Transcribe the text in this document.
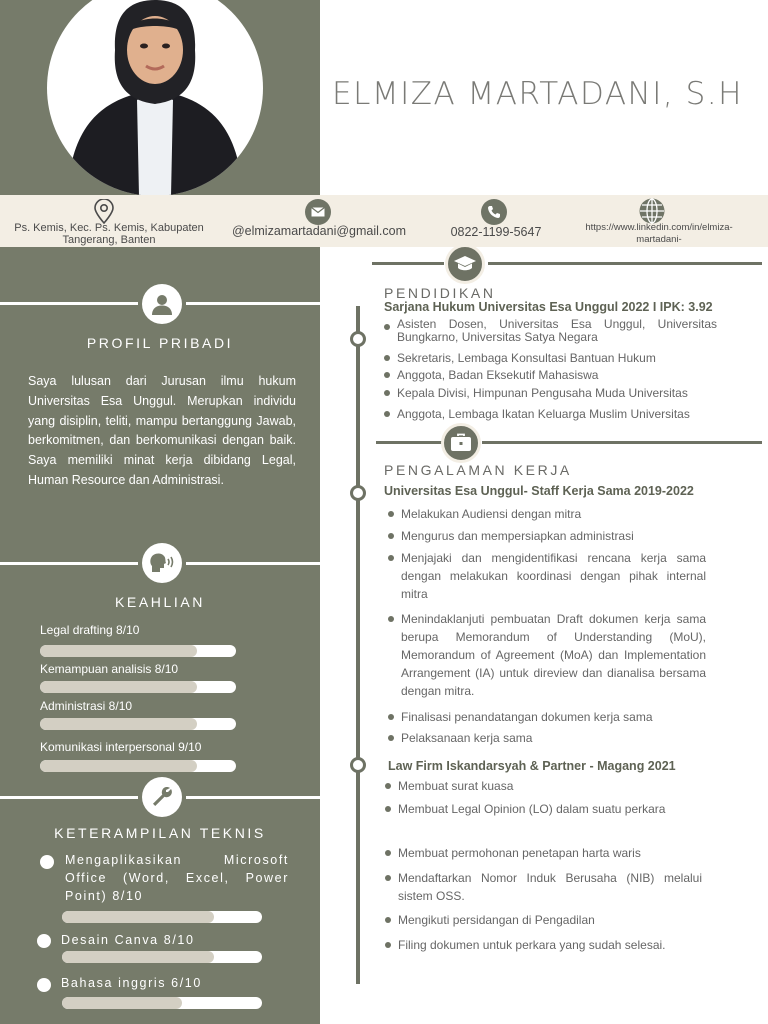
ELMIZA MARTADANI, S.H
Ps. Kemis, Kec. Ps. Kemis, Kabupaten Tangerang, Banten
@elmizamartadani@gmail.com	0822-1199-5647	https://www.linkedin.com/in/elmiza-martadani-
PROFIL PRIBADI
Saya lulusan dari Jurusan ilmu hukum Universitas Esa Unggul. Merupkan individu yang disiplin, teliti, mampu bertanggung Jawab, berkomitmen, dan berkomunikasi dengan baik. Saya memiliki minat kerja dibidang Legal, Human Resource dan Administrasi.
KEAHLIAN
Legal drafting 8/10
Kemampuan analisis 8/10
Administrasi 8/10
Komunikasi interpersonal 9/10
KETERAMPILAN TEKNIS
Mengaplikasikan Microsoft Office (Word, Excel, Power Point) 8/10
Desain Canva 8/10
Bahasa inggris 6/10
PENDIDIKAN
Sarjana Hukum Universitas Esa Unggul 2022 I IPK: 3.92
Asisten Dosen, Universitas Esa Unggul, Universitas Bungkarno, Universitas Satya Negara
Sekretaris, Lembaga Konsultasi Bantuan Hukum
Anggota, Badan Eksekutif Mahasiswa
Kepala Divisi, Himpunan Pengusaha Muda Universitas
Anggota, Lembaga Ikatan Keluarga Muslim Universitas
PENGALAMAN KERJA
Universitas Esa Unggul- Staff Kerja Sama 2019-2022
Melakukan Audiensi dengan mitra
Mengurus dan mempersiapkan administrasi
Menjajaki dan mengidentifikasi rencana kerja sama dengan melakukan koordinasi dengan pihak internal mitra
Menindaklanjuti pembuatan Draft dokumen kerja sama berupa Memorandum of Understanding (MoU), Memorandum of Agreement (MoA) dan Implementation Arrangement (IA) untuk direview dan dianalisa bersama dengan mitra.
Finalisasi penandatangan dokumen kerja sama
Pelaksanaan kerja sama
Law Firm Iskandarsyah & Partner - Magang 2021
Membuat surat kuasa
Membuat Legal Opinion (LO) dalam suatu perkara
Membuat permohonan penetapan harta waris
Mendaftarkan Nomor Induk Berusaha (NIB) melalui sistem OSS.
Mengikuti persidangan di Pengadilan
Filing dokumen untuk perkara yang sudah selesai.
